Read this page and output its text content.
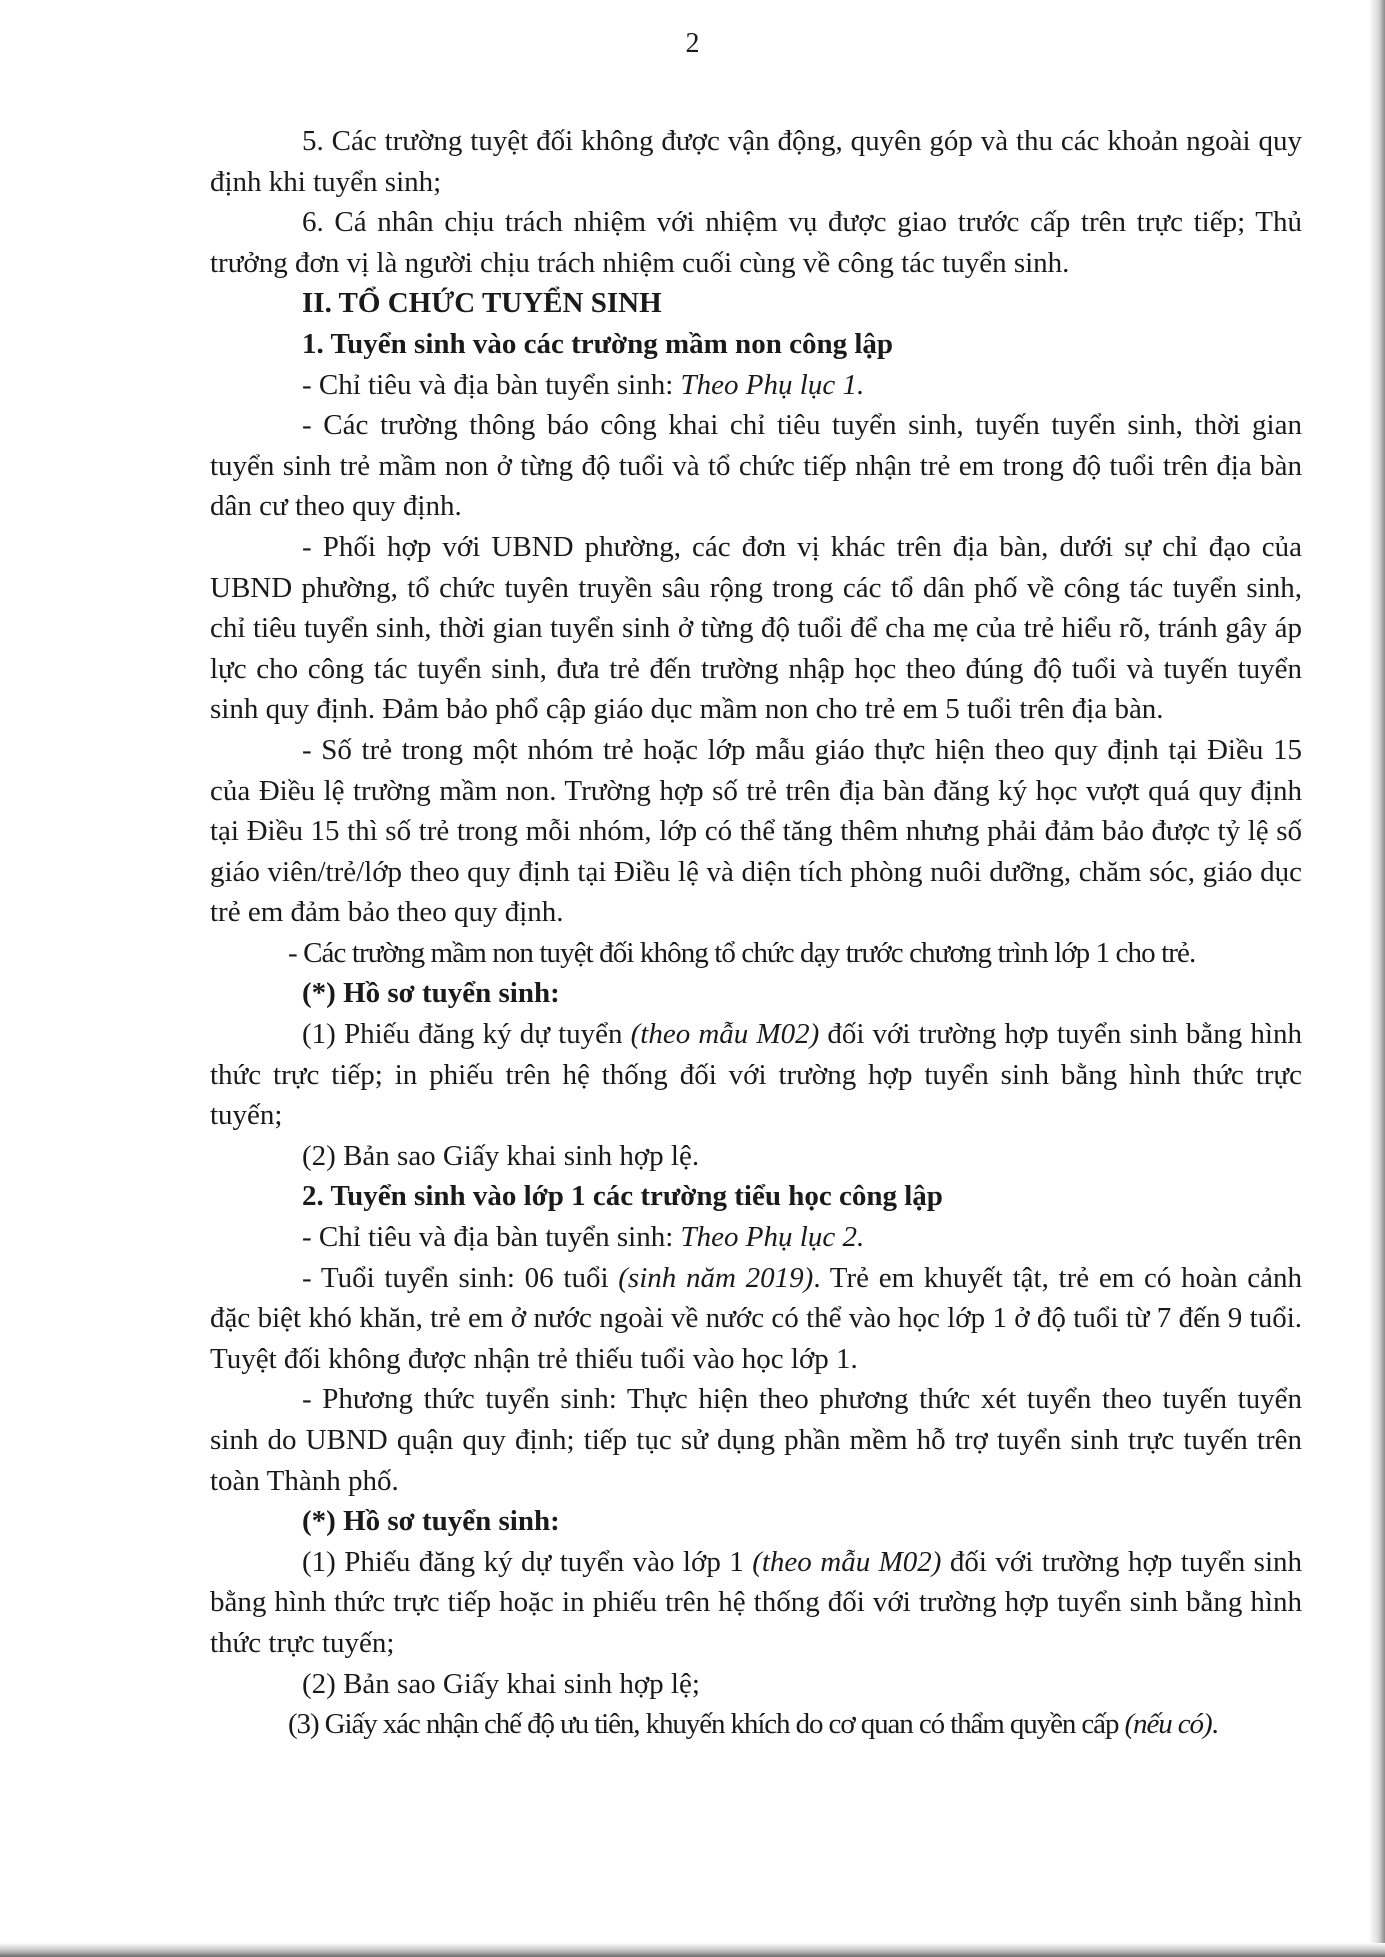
2

5. Các trường tuyệt đối không được vận động, quyên góp và thu các khoản ngoài quy định khi tuyển sinh;

6. Cá nhân chịu trách nhiệm với nhiệm vụ được giao trước cấp trên trực tiếp; Thủ trưởng đơn vị là người chịu trách nhiệm cuối cùng về công tác tuyển sinh.

II. TỔ CHỨC TUYỂN SINH

1. Tuyển sinh vào các trường mầm non công lập

- Chỉ tiêu và địa bàn tuyển sinh: Theo Phụ lục 1.

- Các trường thông báo công khai chỉ tiêu tuyển sinh, tuyến tuyển sinh, thời gian tuyển sinh trẻ mầm non ở từng độ tuổi và tổ chức tiếp nhận trẻ em trong độ tuổi trên địa bàn dân cư theo quy định.

- Phối hợp với UBND phường, các đơn vị khác trên địa bàn, dưới sự chỉ đạo của UBND phường, tổ chức tuyên truyền sâu rộng trong các tổ dân phố về công tác tuyển sinh, chỉ tiêu tuyển sinh, thời gian tuyển sinh ở từng độ tuổi để cha mẹ của trẻ hiểu rõ, tránh gây áp lực cho công tác tuyển sinh, đưa trẻ đến trường nhập học theo đúng độ tuổi và tuyến tuyển sinh quy định. Đảm bảo phổ cập giáo dục mầm non cho trẻ em 5 tuổi trên địa bàn.

- Số trẻ trong một nhóm trẻ hoặc lớp mẫu giáo thực hiện theo quy định tại Điều 15 của Điều lệ trường mầm non. Trường hợp số trẻ trên địa bàn đăng ký học vượt quá quy định tại Điều 15 thì số trẻ trong mỗi nhóm, lớp có thể tăng thêm nhưng phải đảm bảo được tỷ lệ số giáo viên/trẻ/lớp theo quy định tại Điều lệ và diện tích phòng nuôi dưỡng, chăm sóc, giáo dục trẻ em đảm bảo theo quy định.

- Các trường mầm non tuyệt đối không tổ chức dạy trước chương trình lớp 1 cho trẻ.

(*) Hồ sơ tuyển sinh:

(1) Phiếu đăng ký dự tuyển (theo mẫu M02) đối với trường hợp tuyển sinh bằng hình thức trực tiếp; in phiếu trên hệ thống đối với trường hợp tuyển sinh bằng hình thức trực tuyến;

(2) Bản sao Giấy khai sinh hợp lệ.

2. Tuyển sinh vào lớp 1 các trường tiểu học công lập

- Chỉ tiêu và địa bàn tuyển sinh: Theo Phụ lục 2.

- Tuổi tuyển sinh: 06 tuổi (sinh năm 2019). Trẻ em khuyết tật, trẻ em có hoàn cảnh đặc biệt khó khăn, trẻ em ở nước ngoài về nước có thể vào học lớp 1 ở độ tuổi từ 7 đến 9 tuổi. Tuyệt đối không được nhận trẻ thiếu tuổi vào học lớp 1.

- Phương thức tuyển sinh: Thực hiện theo phương thức xét tuyển theo tuyến tuyển sinh do UBND quận quy định; tiếp tục sử dụng phần mềm hỗ trợ tuyển sinh trực tuyến trên toàn Thành phố.

(*) Hồ sơ tuyển sinh:

(1) Phiếu đăng ký dự tuyển vào lớp 1 (theo mẫu M02) đối với trường hợp tuyển sinh bằng hình thức trực tiếp hoặc in phiếu trên hệ thống đối với trường hợp tuyển sinh bằng hình thức trực tuyến;

(2) Bản sao Giấy khai sinh hợp lệ;

(3) Giấy xác nhận chế độ ưu tiên, khuyến khích do cơ quan có thẩm quyền cấp (nếu có).
